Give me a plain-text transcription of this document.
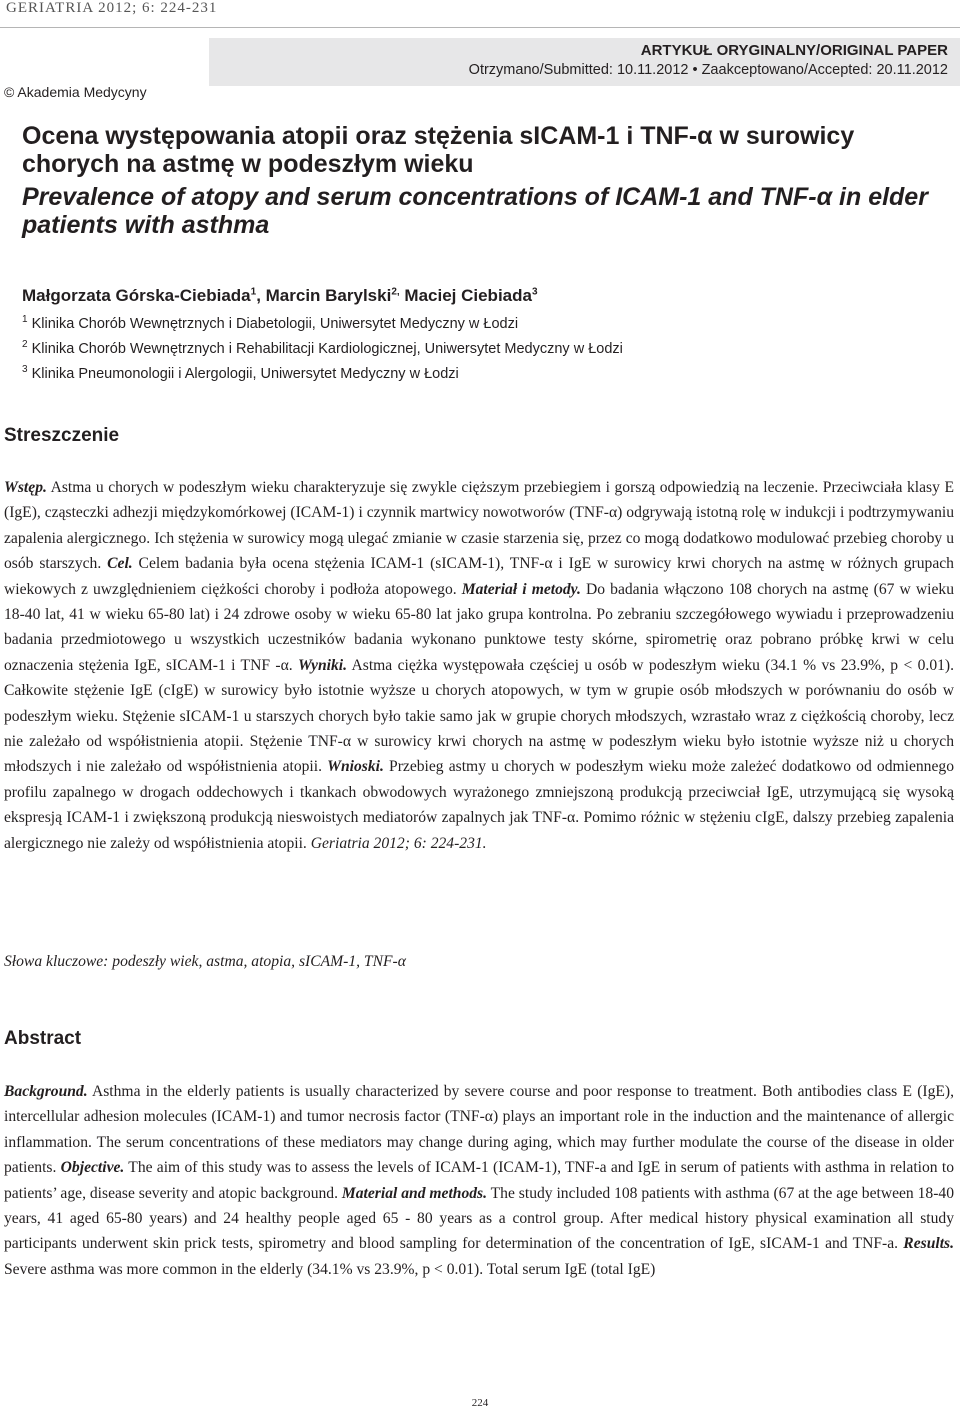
GERIATRIA 2012; 6: 224-231
ARTYKUŁ ORYGINALNY/ORIGINAL PAPER
Otrzymano/Submitted: 10.11.2012 • Zaakceptowano/Accepted: 20.11.2012
© Akademia Medycyny
Ocena występowania atopii oraz stężenia sICAM-1 i TNF-α w surowicy chorych na astmę w podeszłym wieku
Prevalence of atopy and serum concentrations of ICAM-1 and TNF-α in elder patients with asthma
Małgorzata Górska-Ciebiada$^1$, Marcin Barylski$^{2,}$ Maciej Ciebiada$^3$
$^1$ Klinika Chorób Wewnętrznych i Diabetologii, Uniwersytet Medyczny w Łodzi
$^2$ Klinika Chorób Wewnętrznych i Rehabilitacji Kardiologicznej, Uniwersytet Medyczny w Łodzi
$^3$ Klinika Pneumonologii i Alergologii, Uniwersytet Medyczny w Łodzi
Streszczenie

Wstęp. Astma u chorych w podeszłym wieku charakteryzuje się zwykle cięższym przebiegiem i gorszą odpowiedzią na leczenie. Przeciwciała klasy E (IgE), cząsteczki adhezji międzykomórkowej (ICAM-1) i czynnik martwicy nowotworów (TNF-α) odgrywają istotną rolę w indukcji i podtrzymywaniu zapalenia alergicznego. Ich stężenia w surowicy mogą ulegać zmianie w czasie starzenia się, przez co mogą dodatkowo modulować przebieg choroby u osób starszych. Cel. Celem badania była ocena stężenia ICAM-1 (sICAM-1), TNF-α i IgE w surowicy krwi chorych na astmę w różnych grupach wiekowych z uwzględnieniem ciężkości choroby i podłoża atopowego. Materiał i metody. Do badania włączono 108 chorych na astmę (67 w wieku 18-40 lat, 41 w wieku 65-80 lat) i 24 zdrowe osoby w wieku 65-80 lat jako grupa kontrolna. Po zebraniu szczegółowego wywiadu i przeprowadzeniu badania przedmiotowego u wszystkich uczestników badania wykonano punktowe testy skórne, spirometrię oraz pobrano próbkę krwi w celu oznaczenia stężenia IgE, sICAM-1 i TNF -α. Wyniki. Astma ciężka występowała częściej u osób w podeszłym wieku (34.1 % vs 23.9%, p < 0.01). Całkowite stężenie IgE (cIgE) w surowicy było istotnie wyższe u chorych atopowych, w tym w grupie osób młodszych w porównaniu do osób w podeszłym wieku. Stężenie sICAM-1 u starszych chorych było takie samo jak w grupie chorych młodszych, wzrastało wraz z ciężkością choroby, lecz nie zależało od współistnienia atopii. Stężenie TNF-α w surowicy krwi chorych na astmę w podeszłym wieku było istotnie wyższe niż u chorych młodszych i nie zależało od współistnienia atopii. Wnioski. Przebieg astmy u chorych w podeszłym wieku może zależeć dodatkowo od odmiennego profilu zapalnego w drogach oddechowych i tkankach obwodowych wyrażonego zmniejszoną produkcją przeciwciał IgE, utrzymującą się wysoką ekspresją ICAM-1 i zwiększoną produkcją nieswoistych mediatorów zapalnych jak TNF-α. Pomimo różnic w stężeniu cIgE, dalszy przebieg zapalenia alergicznego nie zależy od współistnienia atopii. Geriatria 2012; 6: 224-231.

Słowa kluczowe: podeszły wiek, astma, atopia, sICAM-1, TNF-α
Abstract

Background. Asthma in the elderly patients is usually characterized by severe course and poor response to treatment. Both antibodies class E (IgE), intercellular adhesion molecules (ICAM-1) and tumor necrosis factor (TNF-α) plays an important role in the induction and the maintenance of allergic inflammation. The serum concentrations of these mediators may change during aging, which may further modulate the course of the disease in older patients. Objective. The aim of this study was to assess the levels of ICAM-1 (ICAM-1), TNF-a and IgE in serum of patients with asthma in relation to patients’ age, disease severity and atopic background. Material and methods. The study included 108 patients with asthma (67 at the age between 18-40 years, 41 aged 65-80 years) and 24 healthy people aged 65 - 80 years as a control group. After medical history physical examination all study participants underwent skin prick tests, spirometry and blood sampling for determination of the concentration of IgE, sICAM-1 and TNF-a. Results. Severe asthma was more common in the elderly (34.1% vs 23.9%, p < 0.01). Total serum IgE (total IgE)

224
